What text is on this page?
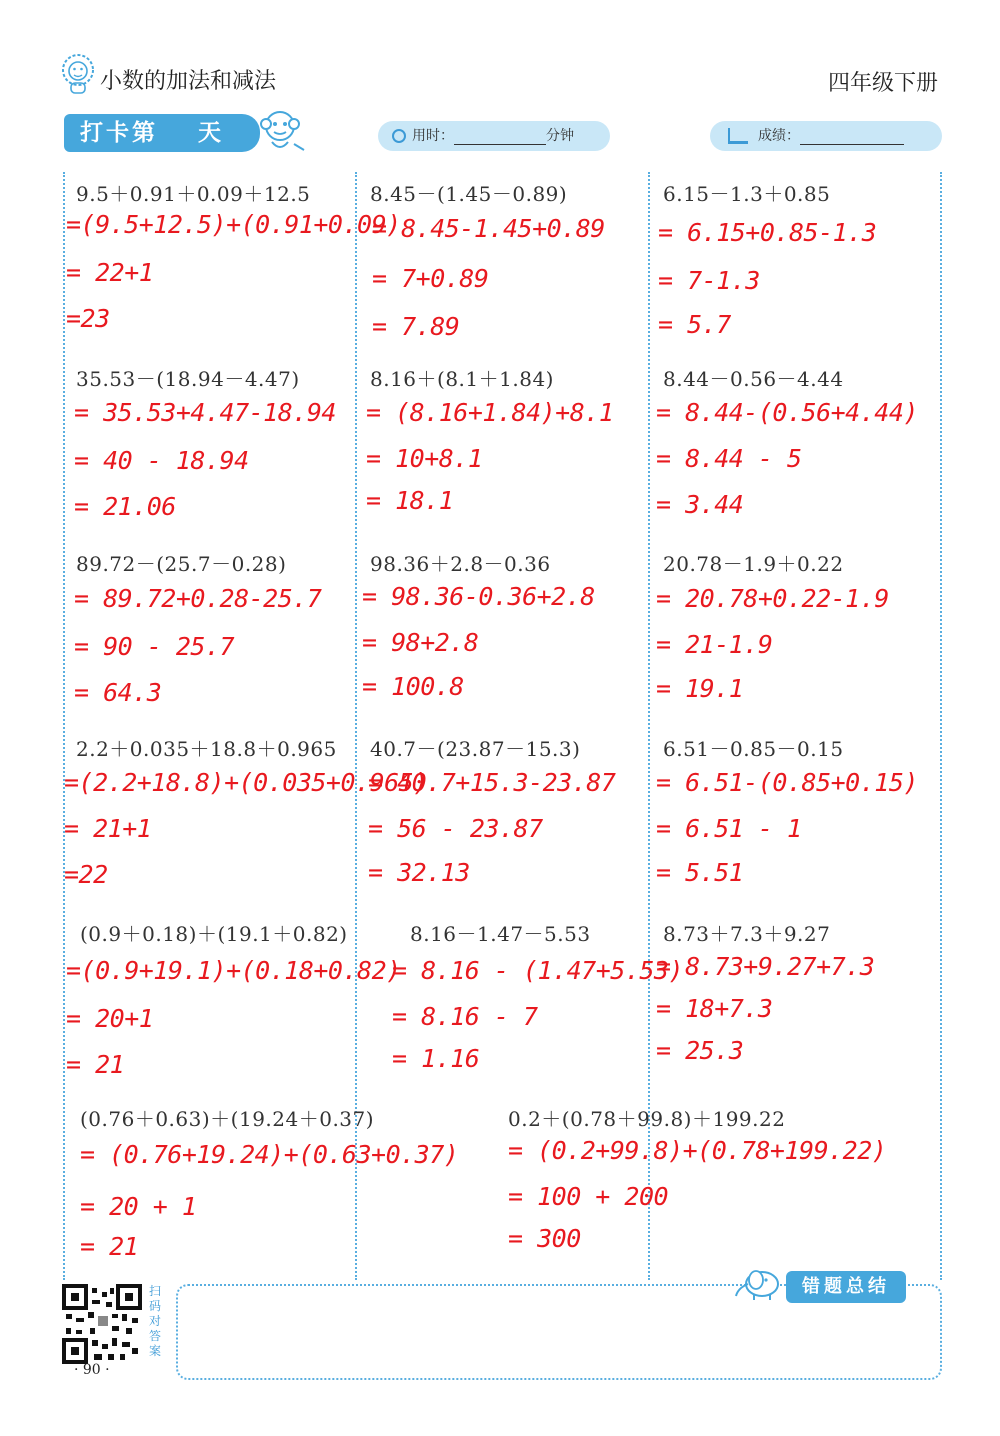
小数的加法和减法	四年级下册
打卡第 天	用时：	分钟	成绩：
9.5＋0.91＋0.09＋12.5
=(9.5+12.5)+(0.91+0.09)
= 22+1
=23
8.45－(1.45－0.89)
= 8.45-1.45+0.89
= 7+0.89
= 7.89
6.15－1.3＋0.85
= 6.15+0.85-1.3
= 7-1.3
= 5.7
35.53－(18.94－4.47)
= 35.53+4.47-18.94
= 40 - 18.94
= 21.06
8.16＋(8.1＋1.84)
= (8.16+1.84)+8.1
= 10+8.1
= 18.1
8.44－0.56－4.44
= 8.44-(0.56+4.44)
= 8.44 - 5
= 3.44
89.72－(25.7－0.28)
= 89.72+0.28-25.7
= 90 - 25.7
= 64.3
98.36＋2.8－0.36
= 98.36-0.36+2.8
= 98+2.8
= 100.8
20.78－1.9＋0.22
= 20.78+0.22-1.9
= 21-1.9
= 19.1
2.2＋0.035＋18.8＋0.965
=(2.2+18.8)+(0.035+0.965)
= 21+1
=22
40.7－(23.87－15.3)
= 40.7+15.3-23.87
= 56 - 23.87
= 32.13
6.51－0.85－0.15
= 6.51-(0.85+0.15)
= 6.51 - 1
= 5.51
(0.9＋0.18)＋(19.1＋0.82)
=(0.9+19.1)+(0.18+0.82)
= 20+1
= 21
8.16－1.47－5.53
= 8.16 - (1.47+5.53)
= 8.16 - 7
= 1.16
8.73＋7.3＋9.27
= 8.73+9.27+7.3
= 18+7.3
= 25.3
(0.76＋0.63)＋(19.24＋0.37)
= (0.76+19.24)+(0.63+0.37)
= 20 + 1
= 21
0.2＋(0.78＋99.8)＋199.22
= (0.2+99.8)+(0.78+199.22)
= 100 + 200
= 300
扫码对答案
· 90 ·
错题总结
